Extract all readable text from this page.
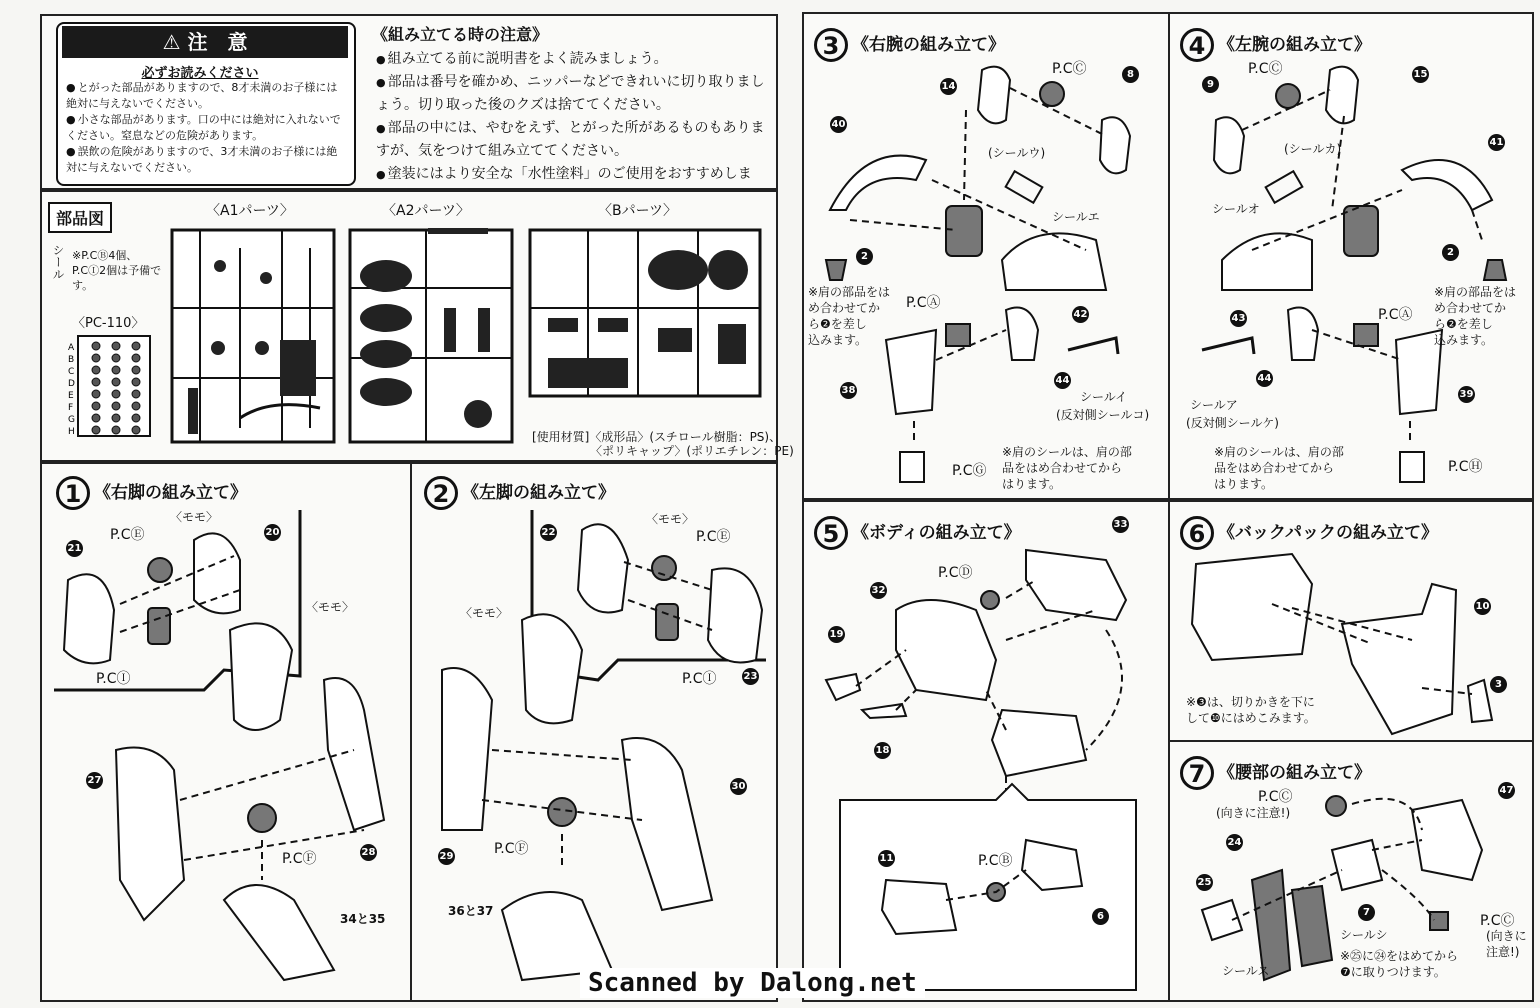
⚠ 注　意
必ずお読みください
● とがった部品がありますので、8才未満のお子様には絶対に与えないでください。
● 小さな部品があります。口の中には絶対に入れないでください。窒息などの危険があります。
● 誤飲の危険がありますので、3才未満のお子様には絶対に与えないでください。
《組み立てる時の注意》
● 組み立てる前に説明書をよく読みましょう。
● 部品は番号を確かめ、ニッパーなどできれいに切り取りましょう。切り取った後のクズは捨ててください。
● 部品の中には、やむをえず、とがった所があるものもありますが、気をつけて組み立ててください。
● 塗装にはより安全な「水性塗料」のご使用をおすすめしま
部品図
シール ※P.CⒷ4個、P.CⒾ2個は予備です。
〈PC-110〉
A
B
C
D
E
F
G
H
〈A1パーツ〉	〈A2パーツ〉	〈Bパーツ〉
[使用材質]〈成形品〉(スチロール樹脂：PS)、
〈ポリキャップ〉(ポリエチレン：PE)
1 《右脚の組み立て》
〈モモ〉
〈モモ〉
P.CⒺ
P.CⒾ
P.CⒻ
21
20
27
28
34と35
2 《左脚の組み立て》
〈モモ〉
〈モモ〉
P.CⒺ
P.CⒾ
P.CⒻ
22
23
29
30
36と37
3 《右腕の組み立て》
P.CⒸ
(シールウ)
シールエ
P.CⒶ
P.CⒼ
シールイ
(反対側シールコ)
※肩の部品をは
め合わせてか
ら❷を差し
込みます。
※肩のシールは、肩の部
品をはめ合わせてから
はります。
14
8
40
2
42
38
44
4 《左腕の組み立て》
P.CⒸ
(シールカ)
シールオ
P.CⒶ
P.CⒽ
シールア
(反対側シールケ)
※肩の部品をは
め合わせてか
ら❷を差し
込みます。
※肩のシールは、肩の部
品をはめ合わせてから
はります。
9
15
41
2
43
44
39
5 《ボディの組み立て》
P.CⒹ
P.CⒷ
33
32
19
18
11
6
6 《バックパックの組み立て》
※❸は、切りかきを下に
して❿にはめこみます。
10
3
7 《腰部の組み立て》
P.CⒸ
(向きに注意!)
P.CⒸ
(向きに
注意!)
シールシ
シールス
※㉕に㉔をはめてから
❼に取りつけます。
47
24
25
7
Scanned by Dalong.net
